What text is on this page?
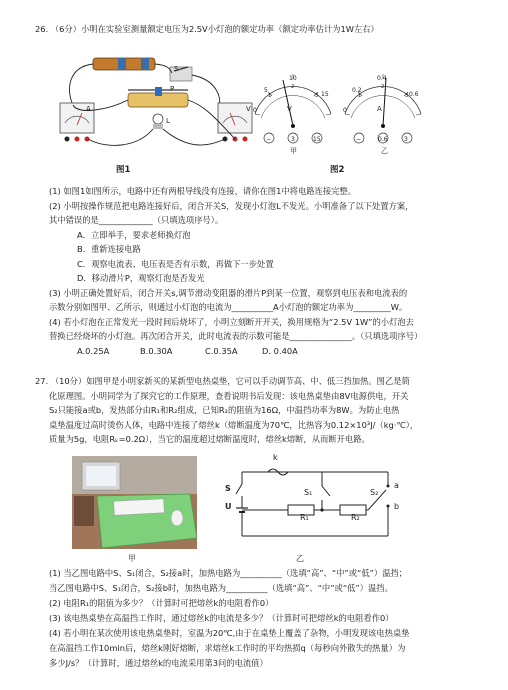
26. （6分）小明在实验室测量额定电压为2.5V小灯泡的额定功率（额定功率估计为1W左右）
S
P
L
A	V
图1
0
5
10
15
1
2
3
V
−	3	15
甲
0
0.2
0.4
0.6
1
2
3
A
−	0.6	3
乙
图2
(1) 如图1如图所示，电路中还有两根导线没有连接，请你在图1中将电路连接完整。
(2) 小明按操作规范把电路连接好后，闭合开关S，发现小灯泡L不发光。小明准备了以下处置方案，
其中错误的是_____________（只填选项序号）。
A．立即举手，要求老师换灯泡
B．重新连接电路
C．观察电流表、电压表是否有示数，再做下一步处置
D．移动滑片P，观察灯泡是否发光
(3) 小明正确处置好后，闭合开关s,调节滑动变阻器的滑片P到某一位置，观察到电压表和电流表的
示数分别如图甲、乙所示，则通过小灯泡的电流为__________A小灯泡的额定功率为_________W。
(4) 若小灯泡在正常发光一段时间后烧坏了，小明立刻断开开关，换用规格为“2.5V 1W”的小灯泡去
替换已经烧坏的小灯泡。再次闭合开关，此时电流表的示数可能是_______________。（只填选项序号）
A.0.25A	B.0.30A	C.0.35A	D. 0.40A
27. （10分）如图甲是小明家新买的某新型电热桌垫，它可以手动调节高、中、低三挡加热。图乙是简
化原理图。小明同学为了探究它的工作原理，查看说明书后发现：该电热桌垫由8V电源供电，开关
S₂只能接a或b，发热部分由R₁和R₂组成，已知R₂的阻值为16Ω，中温挡功率为8W。为防止电热
桌垫温度过高时烫伤人体，电路中连接了熔丝k（熔断温度为70℃，比热容为0.12×10³J/（kg·℃），
质量为5g，电阻Rₖ=0.2Ω），当它的温度超过熔断温度时，熔丝k熔断，从而断开电路。
甲
k
S
U
S₁	S₂
a
b
R₁	R₂
乙
(1) 当乙图电路中S、S₁闭合，S₂接a时，加热电路为__________（选填“高”、“中”或“低”）温挡；
当乙图电路中S、S₁闭合，S₂接b时，加热电路为__________（选填“高”、“中”或“低”）温挡。
(2) 电阻R₁的阻值为多少？（计算时可把熔丝k的电阻看作0）
(3) 该电热桌垫在高温挡工作时，通过熔丝k的电流是多少？（计算时可把熔丝k的电阻看作0）
(4) 若小明在某次使用该电热桌垫时，室温为20℃,由于在桌垫上覆盖了杂物，小明发现该电热桌垫
在高温挡工作10min后，熔丝k刚好熔断，求熔丝k工作时的平均热损q（每秒向外散失的热量）为
多少J/s？（计算时，通过熔丝k的电流采用第3问的电流值）
